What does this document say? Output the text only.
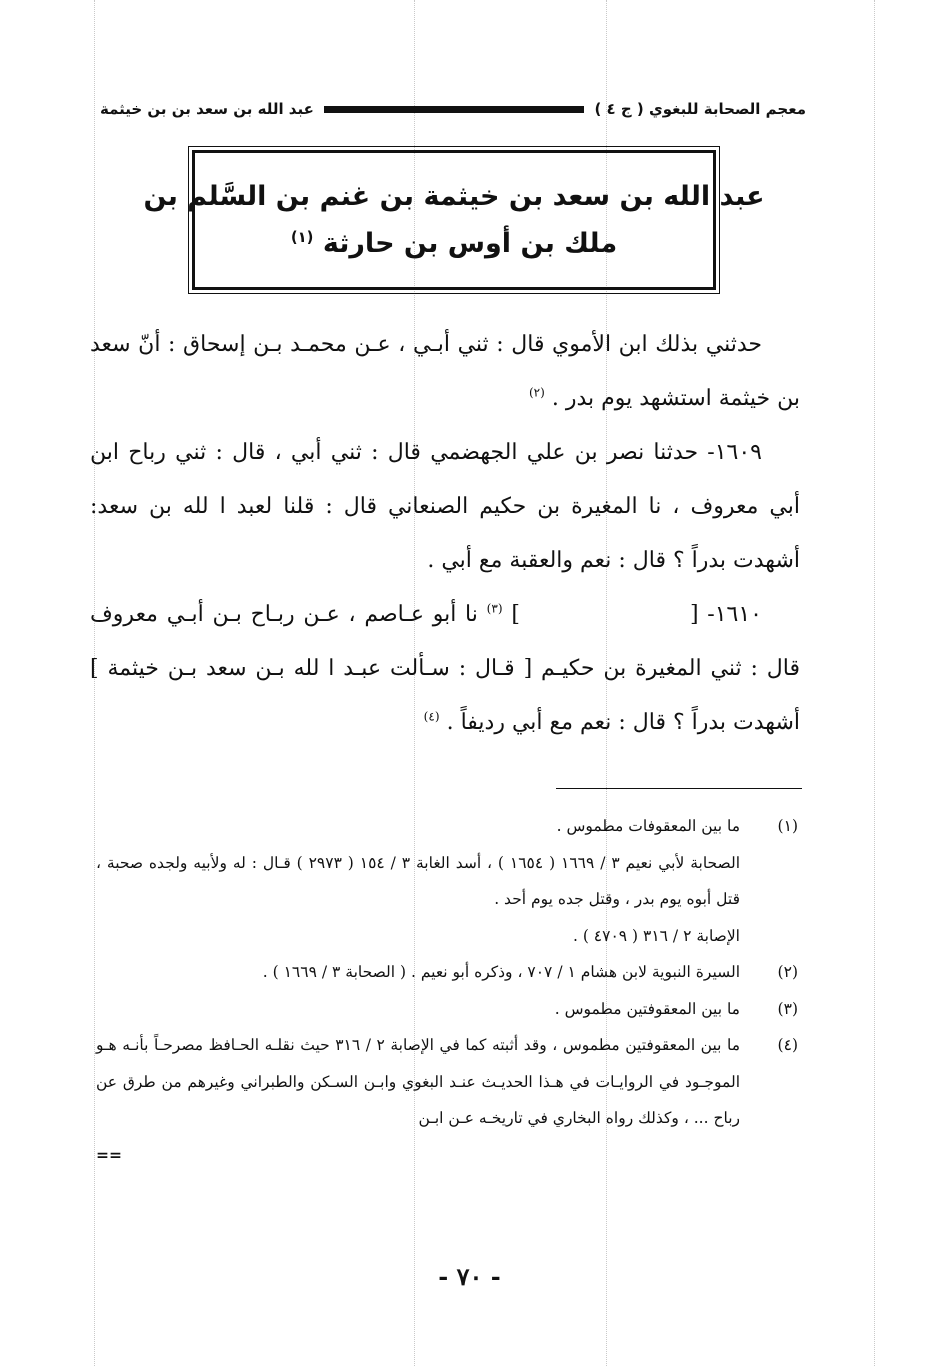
معجم الصحابة للبغوي ( ج ٤ )
عبد الله بن سعد بن بن خيثمة
عبد الله بن سعد بن خيثمة بن غنم بن السَّلم بن
ملك بن أوس بن حارثة $^{(١)}$

حدثني بذلك ابن الأموي قال : ثني أبـي ، عـن محمـد بـن إسحاق : أنّ سعد بن خيثمة استشهد يوم بدر . $^{(٢)}$

١٦٠٩- حدثنا نصر بن علي الجهضمي قال : ثني أبي ، قال : ثني رباح ابن أبي معروف ، نا المغيرة بن حكيم الصنعاني قال : قلنا لعبد ا لله بن سعد: أشهدت بدراً ؟ قال : نعم والعقبة مع أبي .

١٦١٠- [] $^{(٣)}$ نا أبو عـاصم ، عـن ربـاح بـن أبـي معروف قال : ثني المغيرة بن حكيـم [ قـال : سـألت عبـد ا لله بـن سعد بـن خيثمة ] أشهدت بدراً ؟ قال : نعم مع أبي رديفاً . $^{(٤)}$

(١)
ما بين المعقوفات مطموس .
الصحابة لأبي نعيم ٣ / ١٦٦٩ ( ١٦٥٤ ) ، أسد الغابة ٣ / ١٥٤ ( ٢٩٧٣ ) قـال : له ولأبيه ولجده صحبة ، قتل أبوه يوم بدر ، وقتل جده يوم أحد .
الإصابة ٢ / ٣١٦ ( ٤٧٠٩ ) .
(٢)
السيرة النبوية لابن هشام ١ / ٧٠٧ ، وذكره أبو نعيم . ( الصحابة ٣ / ١٦٦٩ ) .
(٣)
ما بين المعقوفتين مطموس .
(٤)
ما بين المعقوفتين مطموس ، وقد أثبته كما في الإصابة ٢ / ٣١٦ حيث نقلـه الحـافظ مصرحـاً بأنـه هـو الموجـود في الروايـات في هـذا الحديـث عنـد البغوي وابـن السـكن والطبراني وغيرهم من طرق عن رباح ... ، وكذلك رواه البخاري في تاريخـه عـن ابـن
==
- ٧٠ -
